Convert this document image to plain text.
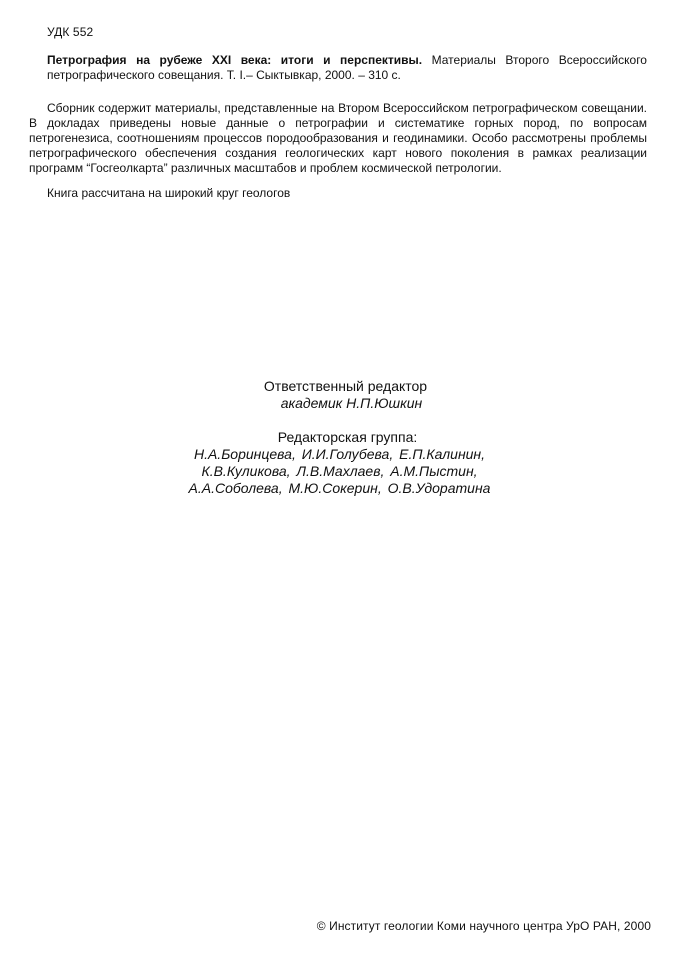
УДК 552
Петрография на рубеже XXI века: итоги и перспективы. Материалы Второго Всероссийского петрографического совещания. Т. I.– Сыктывкар, 2000. – 310 с.

Сборник содержит материалы, представленные на Втором Всероссийском петрографическом совещании. В докладах приведены новые данные о петрографии и систематике горных пород, по вопросам петрогенезиса, соотношениям процессов породообразования и геодинамики. Особо рассмотрены проблемы петрографического обеспечения создания геологических карт нового поколения в рамках реализации программ “Госгеолкарта” различных масштабов и проблем космической петрологии.

Книга рассчитана на широкий круг геологов
Ответственный редактор
академик Н.П.Юшкин
Редакторская группа:
Н.А.Боринцева, И.И.Голубева, Е.П.Калинин,
К.В.Куликова, Л.В.Махлаев, А.М.Пыстин,
А.А.Соболева, М.Ю.Сокерин, О.В.Удоратина
© Институт геологии Коми научного центра УрО РАН, 2000
